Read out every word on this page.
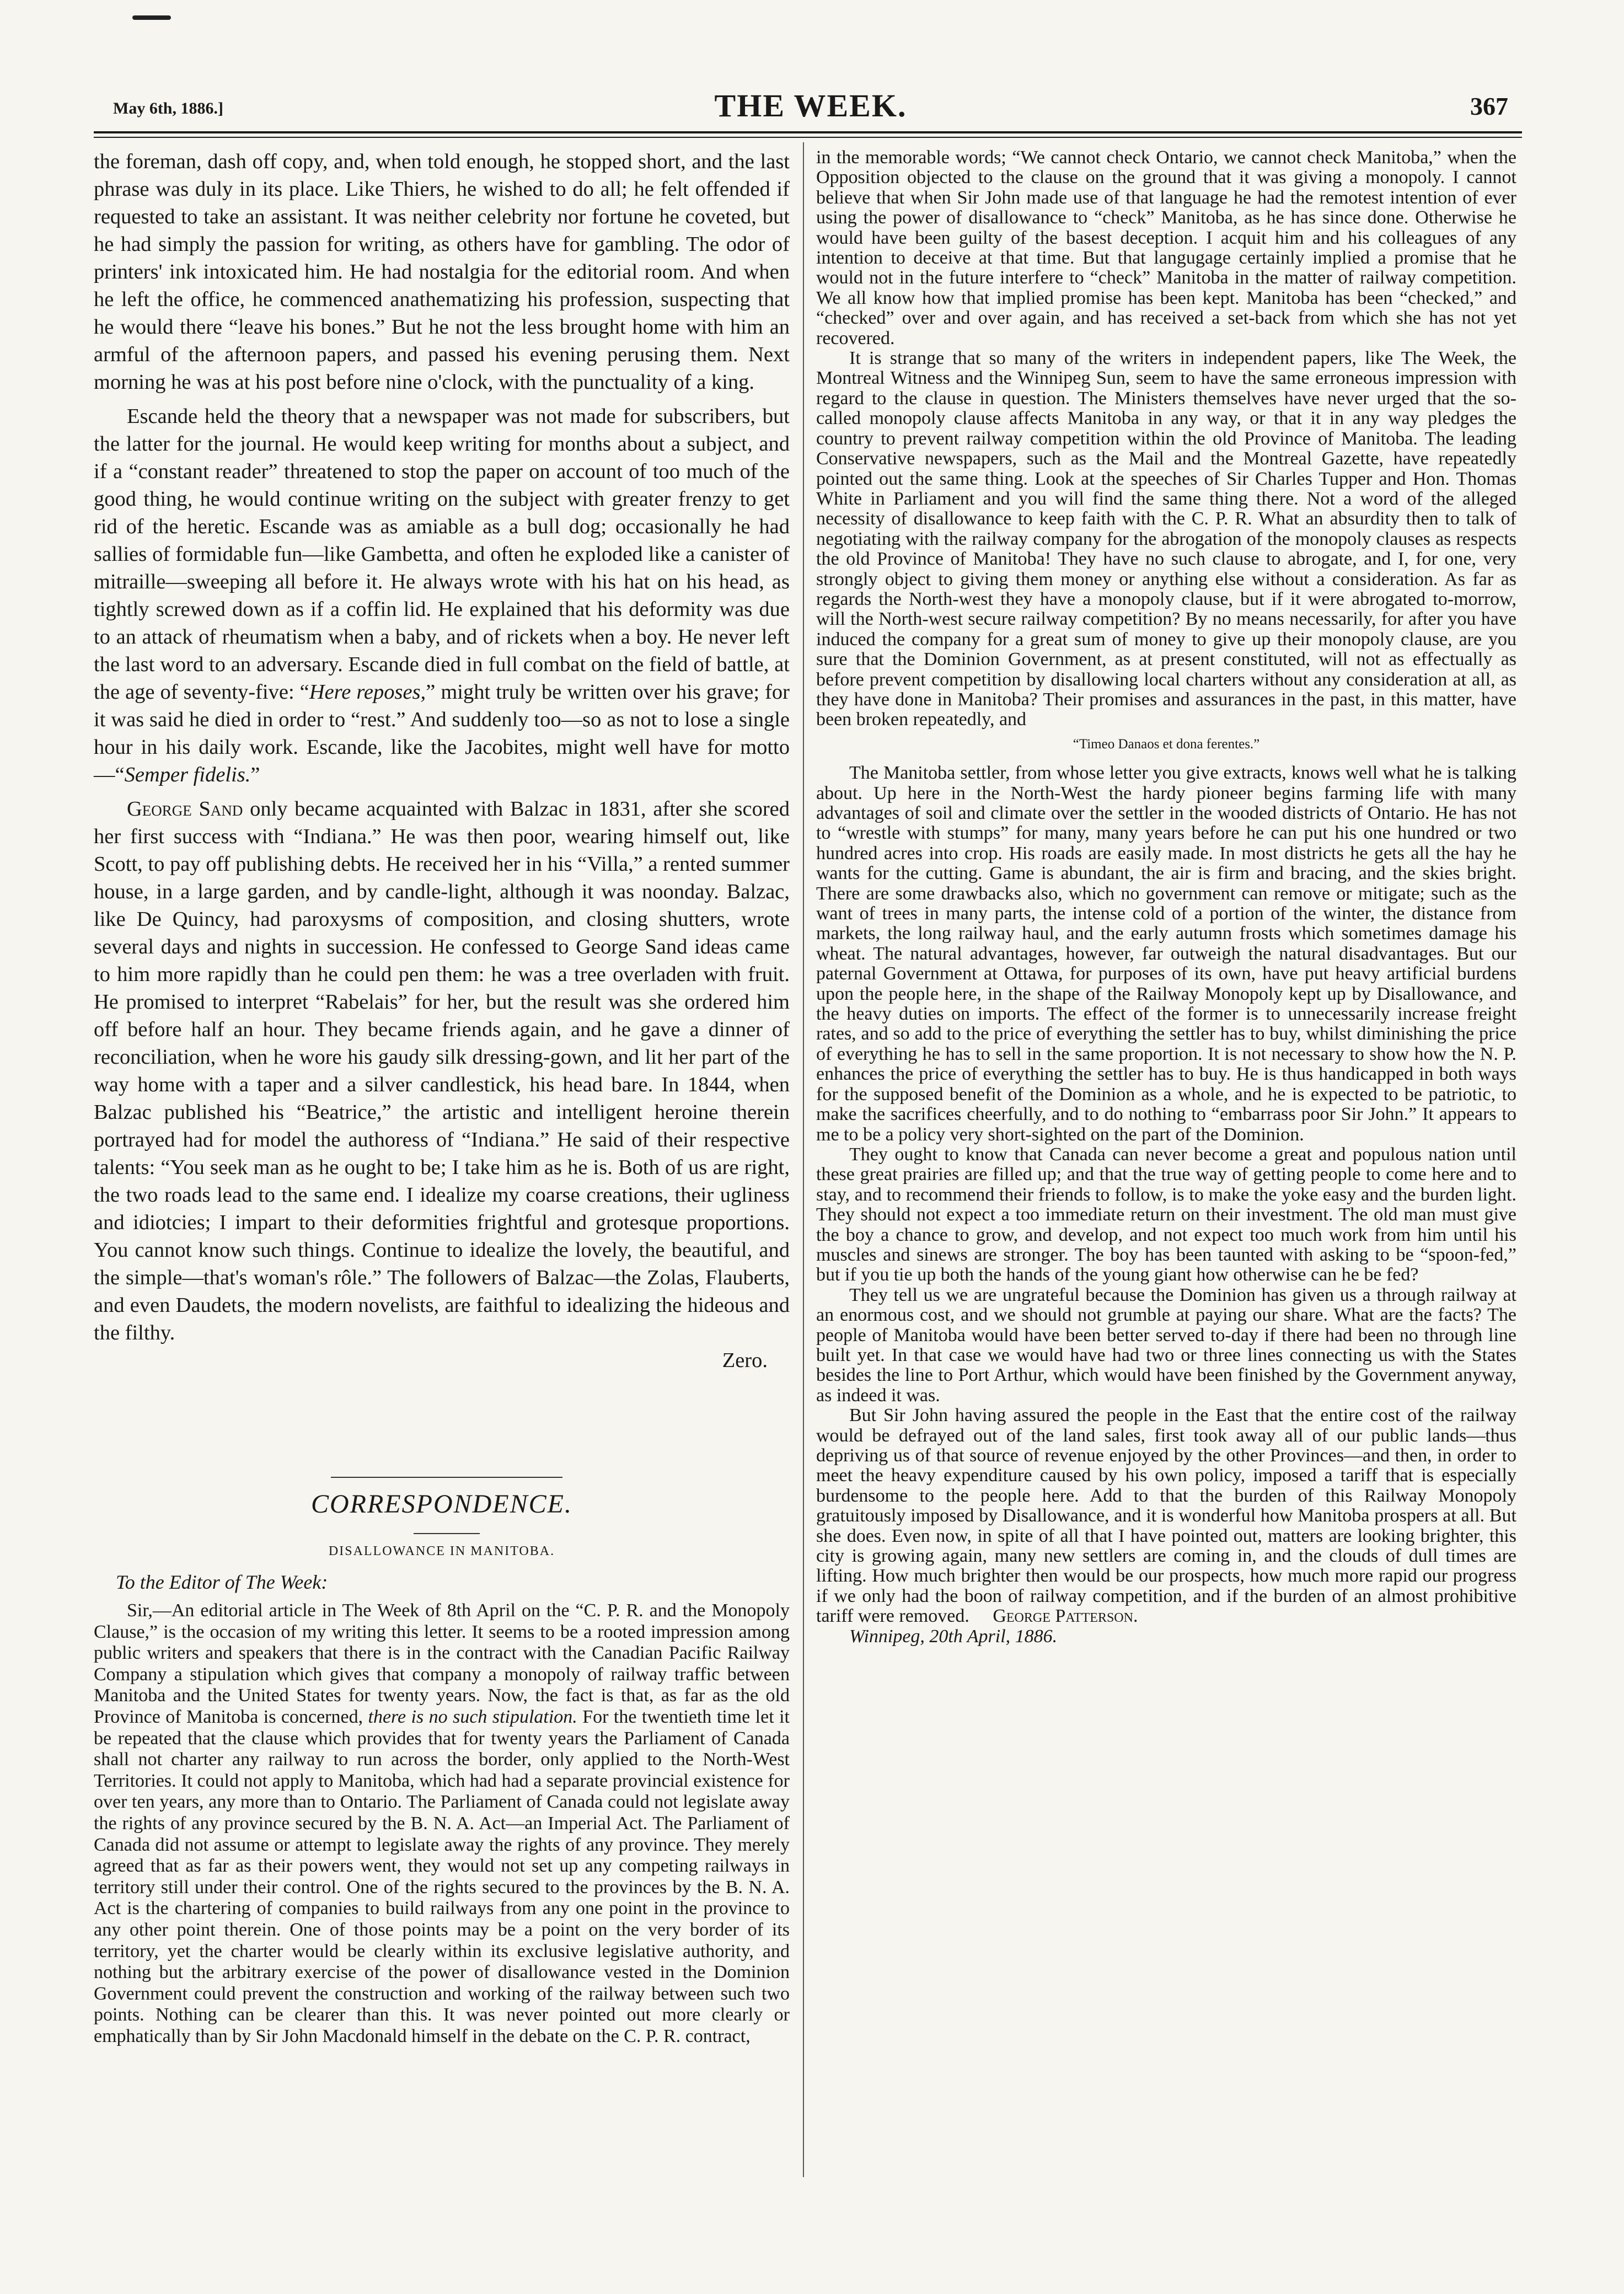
May 6th, 1886.]	THE WEEK.	367

the foreman, dash off copy, and, when told enough, he stopped short, and the last phrase was duly in its place. Like Thiers, he wished to do all; he felt offended if requested to take an assistant. It was neither celebrity nor fortune he coveted, but he had simply the passion for writing, as others have for gambling. The odor of printers' ink intoxicated him. He had nostalgia for the editorial room. And when he left the office, he commenced anathematizing his profession, suspecting that he would there “leave his bones.” But he not the less brought home with him an armful of the afternoon papers, and passed his evening perusing them. Next morning he was at his post before nine o'clock, with the punctuality of a king.

Escande held the theory that a newspaper was not made for subscribers, but the latter for the journal. He would keep writing for months about a subject, and if a “constant reader” threatened to stop the paper on account of too much of the good thing, he would continue writing on the subject with greater frenzy to get rid of the heretic. Escande was as amiable as a bull dog; occasionally he had sallies of formidable fun—like Gambetta, and often he exploded like a canister of mitraille—sweeping all before it. He always wrote with his hat on his head, as tightly screwed down as if a coffin lid. He explained that his deformity was due to an attack of rheumatism when a baby, and of rickets when a boy. He never left the last word to an adversary. Escande died in full combat on the field of battle, at the age of seventy-five: “Here reposes,” might truly be written over his grave; for it was said he died in order to “rest.” And suddenly too—so as not to lose a single hour in his daily work. Escande, like the Jacobites, might well have for motto—“Semper fidelis.”

George Sand only became acquainted with Balzac in 1831, after she scored her first success with “Indiana.” He was then poor, wearing himself out, like Scott, to pay off publishing debts. He received her in his “Villa,” a rented summer house, in a large garden, and by candle-light, although it was noonday. Balzac, like De Quincy, had paroxysms of composition, and closing shutters, wrote several days and nights in succession. He confessed to George Sand ideas came to him more rapidly than he could pen them: he was a tree overladen with fruit. He promised to interpret “Rabelais” for her, but the result was she ordered him off before half an hour. They became friends again, and he gave a dinner of reconciliation, when he wore his gaudy silk dressing-gown, and lit her part of the way home with a taper and a silver candlestick, his head bare. In 1844, when Balzac published his “Beatrice,” the artistic and intelligent heroine therein portrayed had for model the authoress of “Indiana.” He said of their respective talents: “You seek man as he ought to be; I take him as he is. Both of us are right, the two roads lead to the same end. I idealize my coarse creations, their ugliness and idiotcies; I impart to their deformities frightful and grotesque proportions. You cannot know such things. Continue to idealize the lovely, the beautiful, and the simple—that's woman's rôle.” The followers of Balzac—the Zolas, Flauberts, and even Daudets, the modern novelists, are faithful to idealizing the hideous and the filthy.

Zero.

CORRESPONDENCE.
DISALLOWANCE IN MANITOBA.
To the Editor of The Week:

Sir,—An editorial article in The Week of 8th April on the “C. P. R. and the Monopoly Clause,” is the occasion of my writing this letter. It seems to be a rooted impression among public writers and speakers that there is in the contract with the Canadian Pacific Railway Company a stipulation which gives that company a monopoly of railway traffic between Manitoba and the United States for twenty years. Now, the fact is that, as far as the old Province of Manitoba is concerned, there is no such stipulation. For the twentieth time let it be repeated that the clause which provides that for twenty years the Parliament of Canada shall not charter any railway to run across the border, only applied to the North-West Territories. It could not apply to Manitoba, which had had a separate provincial existence for over ten years, any more than to Ontario. The Parliament of Canada could not legislate away the rights of any province secured by the B. N. A. Act—an Imperial Act. The Parliament of Canada did not assume or attempt to legislate away the rights of any province. They merely agreed that as far as their powers went, they would not set up any competing railways in territory still under their control. One of the rights secured to the provinces by the B. N. A. Act is the chartering of companies to build railways from any one point in the province to any other point therein. One of those points may be a point on the very border of its territory, yet the charter would be clearly within its exclusive legislative authority, and nothing but the arbitrary exercise of the power of disallowance vested in the Dominion Government could prevent the construction and working of the railway between such two points. Nothing can be clearer than this. It was never pointed out more clearly or emphatically than by Sir John Macdonald himself in the debate on the C. P. R. contract,

in the memorable words; “We cannot check Ontario, we cannot check Manitoba,” when the Opposition objected to the clause on the ground that it was giving a monopoly. I cannot believe that when Sir John made use of that language he had the remotest intention of ever using the power of disallowance to “check” Manitoba, as he has since done. Otherwise he would have been guilty of the basest deception. I acquit him and his colleagues of any intention to deceive at that time. But that langugage certainly implied a promise that he would not in the future interfere to “check” Manitoba in the matter of railway competition. We all know how that implied promise has been kept. Manitoba has been “checked,” and “checked” over and over again, and has received a set-back from which she has not yet recovered.

It is strange that so many of the writers in independent papers, like The Week, the Montreal Witness and the Winnipeg Sun, seem to have the same erroneous impression with regard to the clause in question. The Ministers themselves have never urged that the so-called monopoly clause affects Manitoba in any way, or that it in any way pledges the country to prevent railway competition within the old Province of Manitoba. The leading Conservative newspapers, such as the Mail and the Montreal Gazette, have repeatedly pointed out the same thing. Look at the speeches of Sir Charles Tupper and Hon. Thomas White in Parliament and you will find the same thing there. Not a word of the alleged necessity of disallowance to keep faith with the C. P. R. What an absurdity then to talk of negotiating with the railway company for the abrogation of the monopoly clauses as respects the old Province of Manitoba! They have no such clause to abrogate, and I, for one, very strongly object to giving them money or anything else without a consideration. As far as regards the North-west they have a monopoly clause, but if it were abrogated to-morrow, will the North-west secure railway competition? By no means necessarily, for after you have induced the company for a great sum of money to give up their monopoly clause, are you sure that the Dominion Government, as at present constituted, will not as effectually as before prevent competition by disallowing local charters without any consideration at all, as they have done in Manitoba? Their promises and assurances in the past, in this matter, have been broken repeatedly, and

“Timeo Danaos et dona ferentes.”

The Manitoba settler, from whose letter you give extracts, knows well what he is talking about. Up here in the North-West the hardy pioneer begins farming life with many advantages of soil and climate over the settler in the wooded districts of Ontario. He has not to “wrestle with stumps” for many, many years before he can put his one hundred or two hundred acres into crop. His roads are easily made. In most districts he gets all the hay he wants for the cutting. Game is abundant, the air is firm and bracing, and the skies bright. There are some drawbacks also, which no government can remove or mitigate; such as the want of trees in many parts, the intense cold of a portion of the winter, the distance from markets, the long railway haul, and the early autumn frosts which sometimes damage his wheat. The natural advantages, however, far outweigh the natural disadvantages. But our paternal Government at Ottawa, for purposes of its own, have put heavy artificial burdens upon the people here, in the shape of the Railway Monopoly kept up by Disallowance, and the heavy duties on imports. The effect of the former is to unnecessarily increase freight rates, and so add to the price of everything the settler has to buy, whilst diminishing the price of everything he has to sell in the same proportion. It is not necessary to show how the N. P. enhances the price of everything the settler has to buy. He is thus handicapped in both ways for the supposed benefit of the Dominion as a whole, and he is expected to be patriotic, to make the sacrifices cheerfully, and to do nothing to “embarrass poor Sir John.” It appears to me to be a policy very short-sighted on the part of the Dominion.

They ought to know that Canada can never become a great and populous nation until these great prairies are filled up; and that the true way of getting people to come here and to stay, and to recommend their friends to follow, is to make the yoke easy and the burden light. They should not expect a too immediate return on their investment. The old man must give the boy a chance to grow, and develop, and not expect too much work from him until his muscles and sinews are stronger. The boy has been taunted with asking to be “spoon-fed,” but if you tie up both the hands of the young giant how otherwise can he be fed?

They tell us we are ungrateful because the Dominion has given us a through railway at an enormous cost, and we should not grumble at paying our share. What are the facts? The people of Manitoba would have been better served to-day if there had been no through line built yet. In that case we would have had two or three lines connecting us with the States besides the line to Port Arthur, which would have been finished by the Government anyway, as indeed it was.

But Sir John having assured the people in the East that the entire cost of the railway would be defrayed out of the land sales, first took away all of our public lands—thus depriving us of that source of revenue enjoyed by the other Provinces—and then, in order to meet the heavy expenditure caused by his own policy, imposed a tariff that is especially burdensome to the people here. Add to that the burden of this Railway Monopoly gratuitously imposed by Disallowance, and it is wonderful how Manitoba prospers at all. But she does. Even now, in spite of all that I have pointed out, matters are looking brighter, this city is growing again, many new settlers are coming in, and the clouds of dull times are lifting. How much brighter then would be our prospects, how much more rapid our progress if we only had the boon of railway competition, and if the burden of an almost prohibitive tariff were removed. George Patterson.

Winnipeg, 20th April, 1886.
